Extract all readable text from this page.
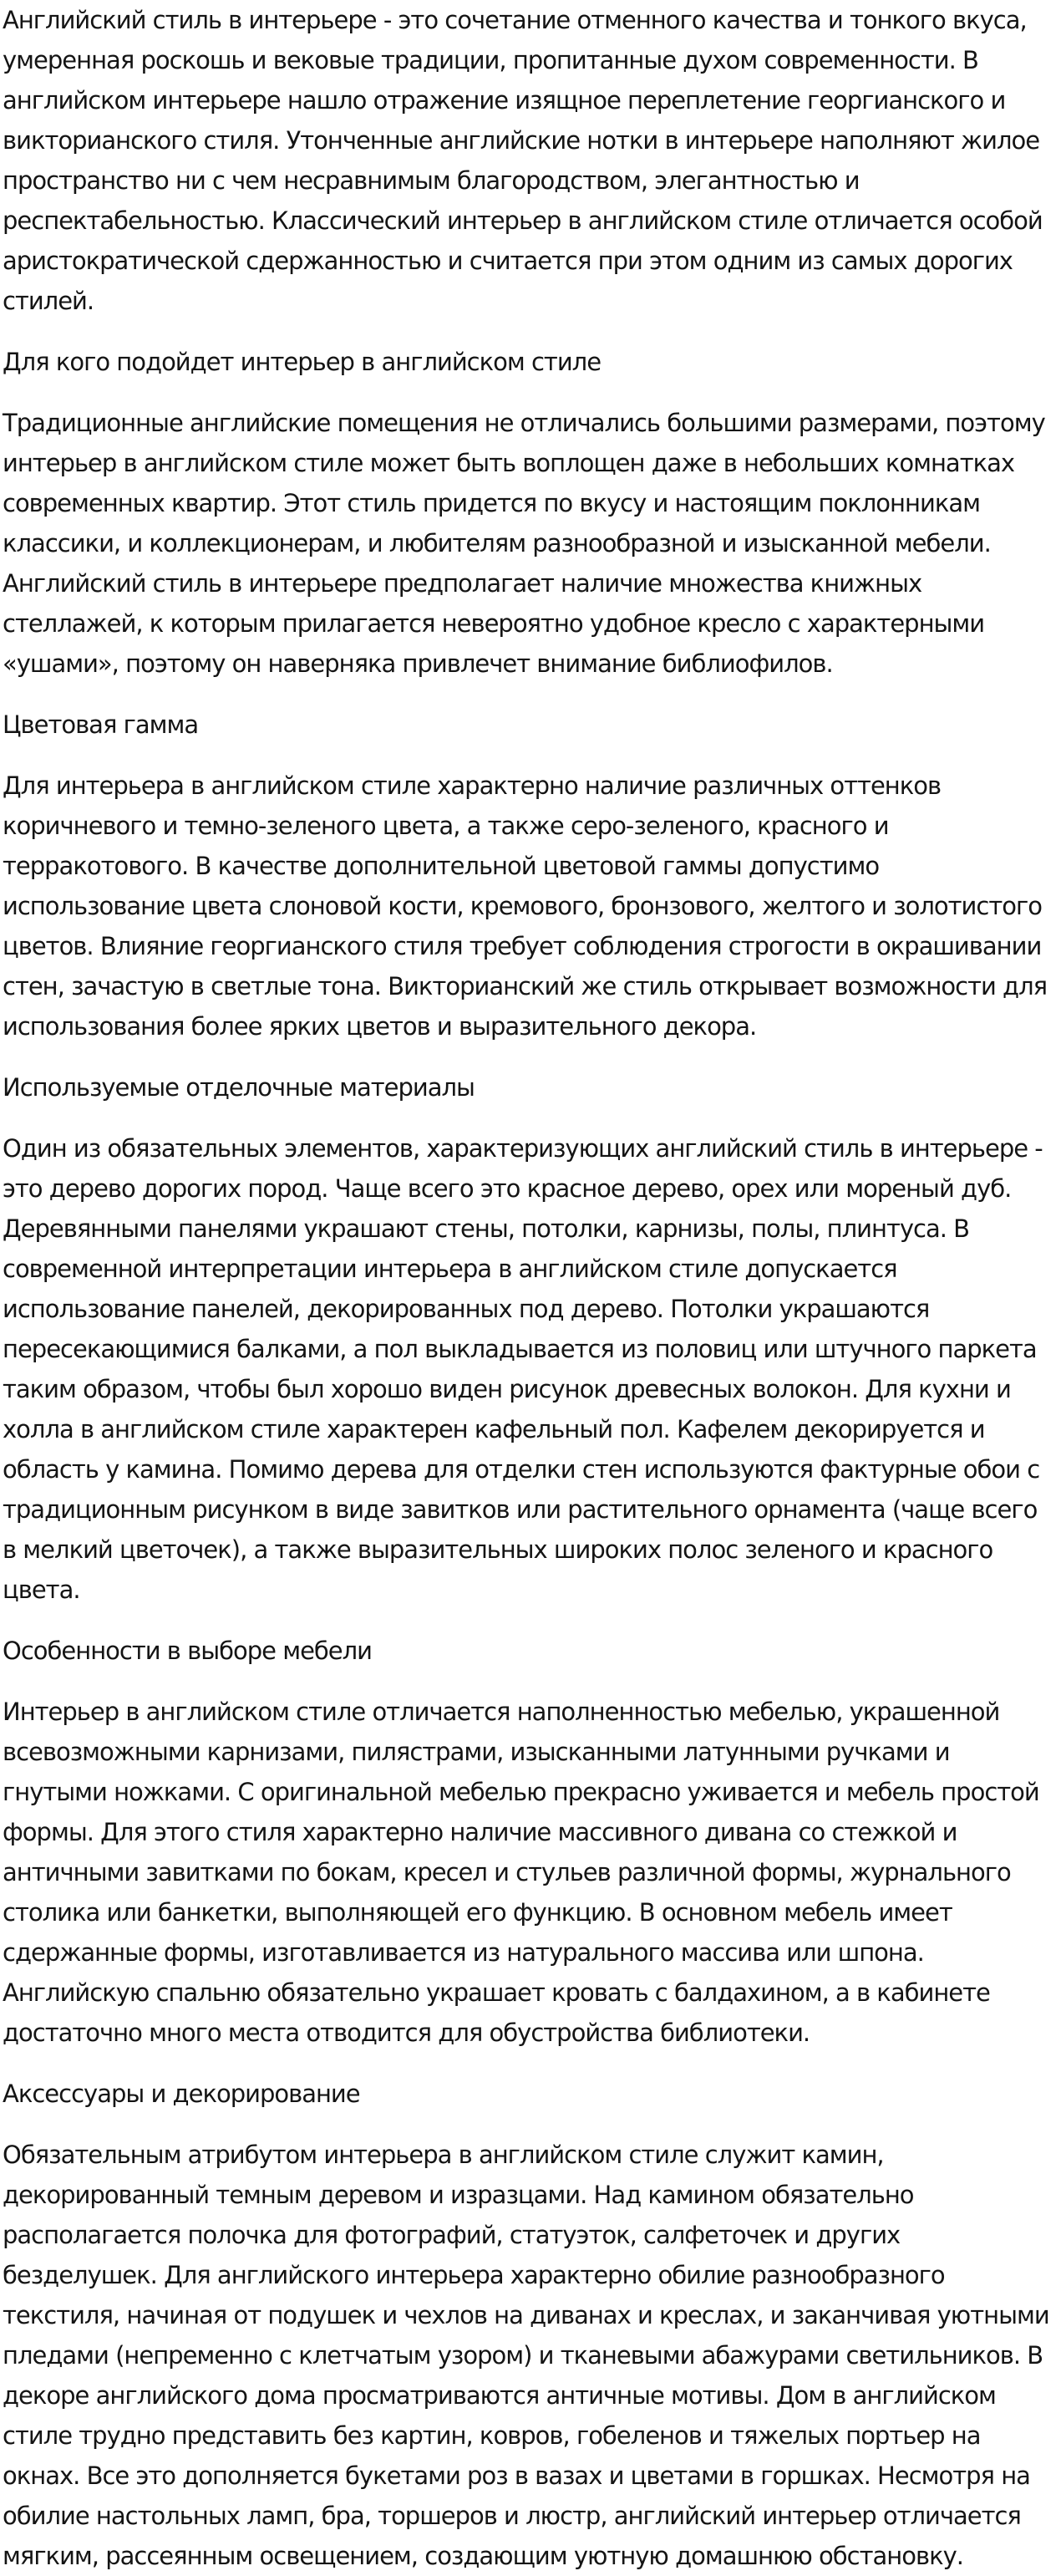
Английский стиль в интерьере - это сочетание отменного качества и тонкого вкуса, умеренная роскошь и вековые традиции, пропитанные духом современности. В английском интерьере нашло отражение изящное переплетение георгианского и викторианского стиля. Утонченные английские нотки в интерьере наполняют жилое пространство ни с чем несравнимым благородством, элегантностью и респектабельностью. Классический интерьер в английском стиле отличается особой аристократической сдержанностью и считается при этом одним из самых дорогих стилей.

Для кого подойдет интерьер в английском стиле

Традиционные английские помещения не отличались большими размерами, поэтому интерьер в английском стиле может быть воплощен даже в небольших комнатках современных квартир. Этот стиль придется по вкусу и настоящим поклонникам классики, и коллекционерам, и любителям разнообразной и изысканной мебели. Английский стиль в интерьере предполагает наличие множества книжных стеллажей, к которым прилагается невероятно удобное кресло с характерными «ушами», поэтому он наверняка привлечет внимание библиофилов.

Цветовая гамма

Для интерьера в английском стиле характерно наличие различных оттенков коричневого и темно-зеленого цвета, а также серо-зеленого, красного и терракотового. В качестве дополнительной цветовой гаммы допустимо использование цвета слоновой кости, кремового, бронзового, желтого и золотистого цветов. Влияние георгианского стиля требует соблюдения строгости в окрашивании стен, зачастую в светлые тона. Викторианский же стиль открывает возможности для использования более ярких цветов и выразительного декора.

Используемые отделочные материалы

Один из обязательных элементов, характеризующих английский стиль в интерьере - это дерево дорогих пород. Чаще всего это красное дерево, орех или мореный дуб. Деревянными панелями украшают стены, потолки, карнизы, полы, плинтуса. В современной интерпретации интерьера в английском стиле допускается использование панелей, декорированных под дерево. Потолки украшаются пересекающимися балками, а пол выкладывается из половиц или штучного паркета таким образом, чтобы был хорошо виден рисунок древесных волокон. Для кухни и холла в английском стиле характерен кафельный пол. Кафелем декорируется и область у камина. Помимо дерева для отделки стен используются фактурные обои с традиционным рисунком в виде завитков или растительного орнамента (чаще всего в мелкий цветочек), а также выразительных широких полос зеленого и красного цвета.

Особенности в выборе мебели

Интерьер в английском стиле отличается наполненностью мебелью, украшенной всевозможными карнизами, пилястрами, изысканными латунными ручками и гнутыми ножками. С оригинальной мебелью прекрасно уживается и мебель простой формы. Для этого стиля характерно наличие массивного дивана со стежкой и античными завитками по бокам, кресел и стульев различной формы, журнального столика или банкетки, выполняющей его функцию. В основном мебель имеет сдержанные формы, изготавливается из натурального массива или шпона. Английскую спальню обязательно украшает кровать с балдахином, а в кабинете достаточно много места отводится для обустройства библиотеки.

Аксессуары и декорирование

Обязательным атрибутом интерьера в английском стиле служит камин, декорированный темным деревом и изразцами. Над камином обязательно располагается полочка для фотографий, статуэток, салфеточек и других безделушек. Для английского интерьера характерно обилие разнообразного текстиля, начиная от подушек и чехлов на диванах и креслах, и заканчивая уютными пледами (непременно с клетчатым узором) и тканевыми абажурами светильников. В декоре английского дома просматриваются античные мотивы. Дом в английском стиле трудно представить без картин, ковров, гобеленов и тяжелых портьер на окнах. Все это дополняется букетами роз в вазах и цветами в горшках. Несмотря на обилие настольных ламп, бра, торшеров и люстр, английский интерьер отличается мягким, рассеянным освещением, создающим уютную домашнюю обстановку.
